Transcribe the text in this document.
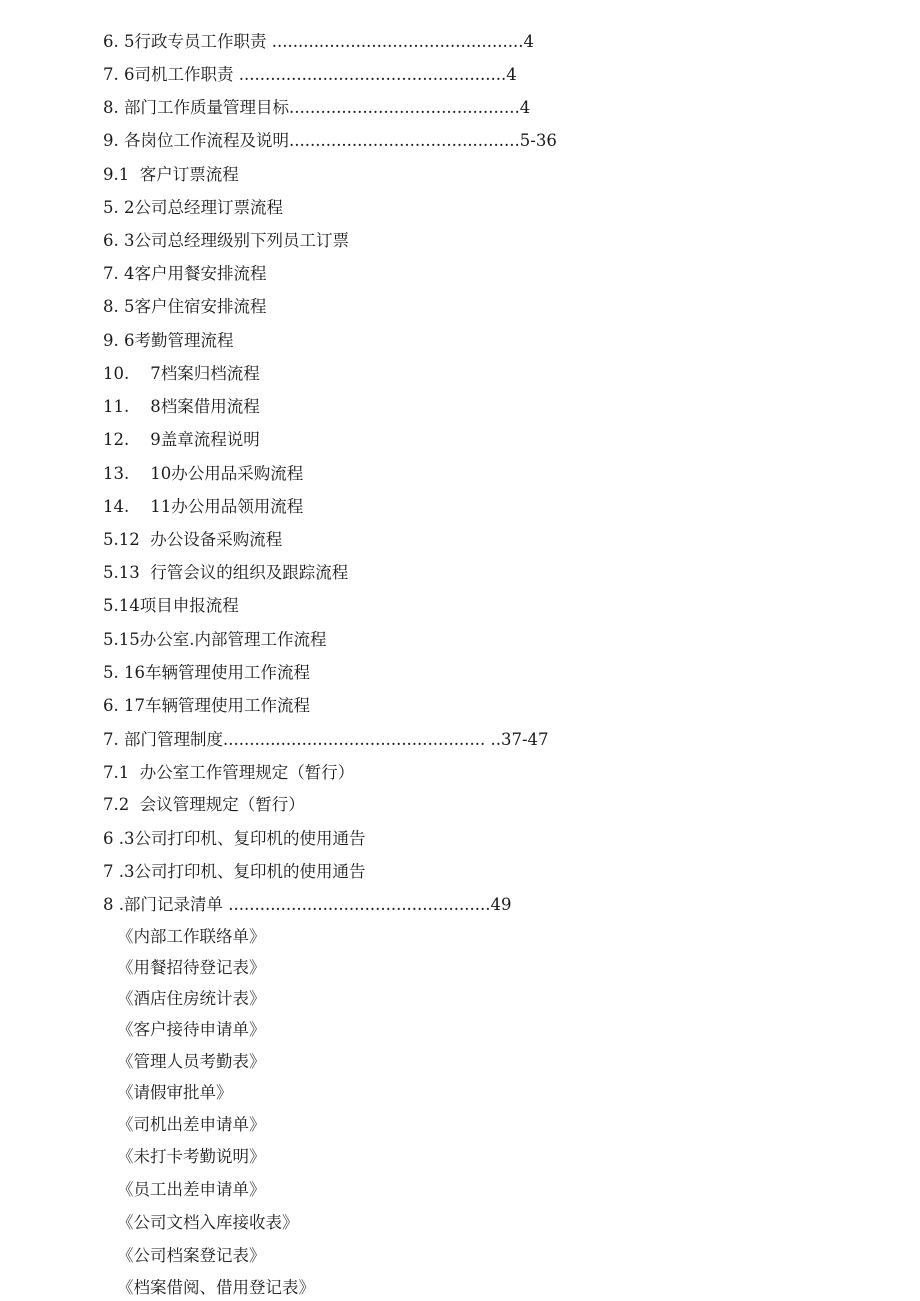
6. 5行政专员工作职责 ................................................4
7. 6司机工作职责 ...................................................4
8. 部门工作质量管理目标............................................4
9. 各岗位工作流程及说明............................................5-36
9.1  客户订票流程
5. 2公司总经理订票流程
6. 3公司总经理级别下列员工订票
7. 4客户用餐安排流程
8. 5客户住宿安排流程
9. 6考勤管理流程
10.    7档案归档流程
11.    8档案借用流程
12.    9盖章流程说明
13.    10办公用品采购流程
14.    11办公用品领用流程
5.12  办公设备采购流程
5.13  行管会议的组织及跟踪流程
5.14项目申报流程
5.15办公室.内部管理工作流程
5. 16车辆管理使用工作流程
6. 17车辆管理使用工作流程
7. 部门管理制度.................................................. ..37-47
7.1  办公室工作管理规定（暂行）
7.2  会议管理规定（暂行）
6 .3公司打印机、复印机的使用通告
7 .3公司打印机、复印机的使用通告
8 .部门记录清单 ..................................................49
《内部工作联络单》
《用餐招待登记表》
《酒店住房统计表》
《客户接待申请单》
《管理人员考勤表》
《请假审批单》
《司机出差申请单》
《未打卡考勤说明》
《员工出差申请单》
《公司文档入库接收表》
《公司档案登记表》
《档案借阅、借用登记表》
